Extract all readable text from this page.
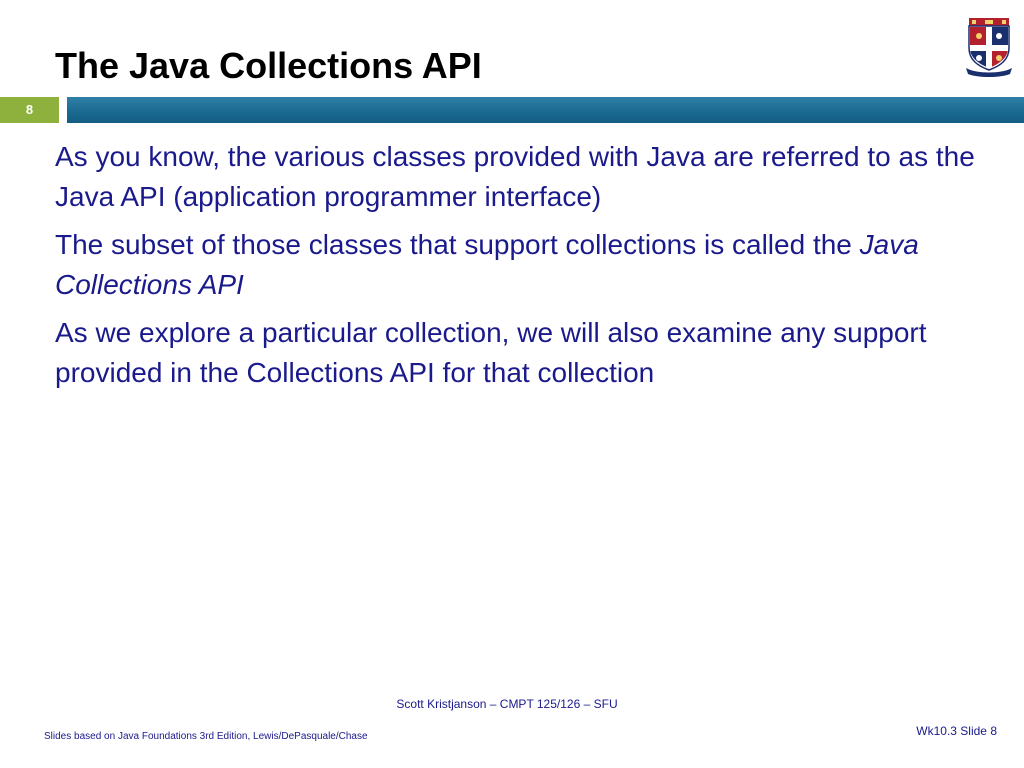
The Java Collections API
8

As you know, the various classes provided with Java are referred to as the Java API (application programmer interface)

The subset of those classes that support collections is called the Java Collections API

As we explore a particular collection, we will also examine any support provided in the Collections API for that collection

Scott Kristjanson – CMPT 125/126 – SFU
Slides based on Java Foundations 3rd Edition, Lewis/DePasquale/Chase	Wk10.3 Slide 8
